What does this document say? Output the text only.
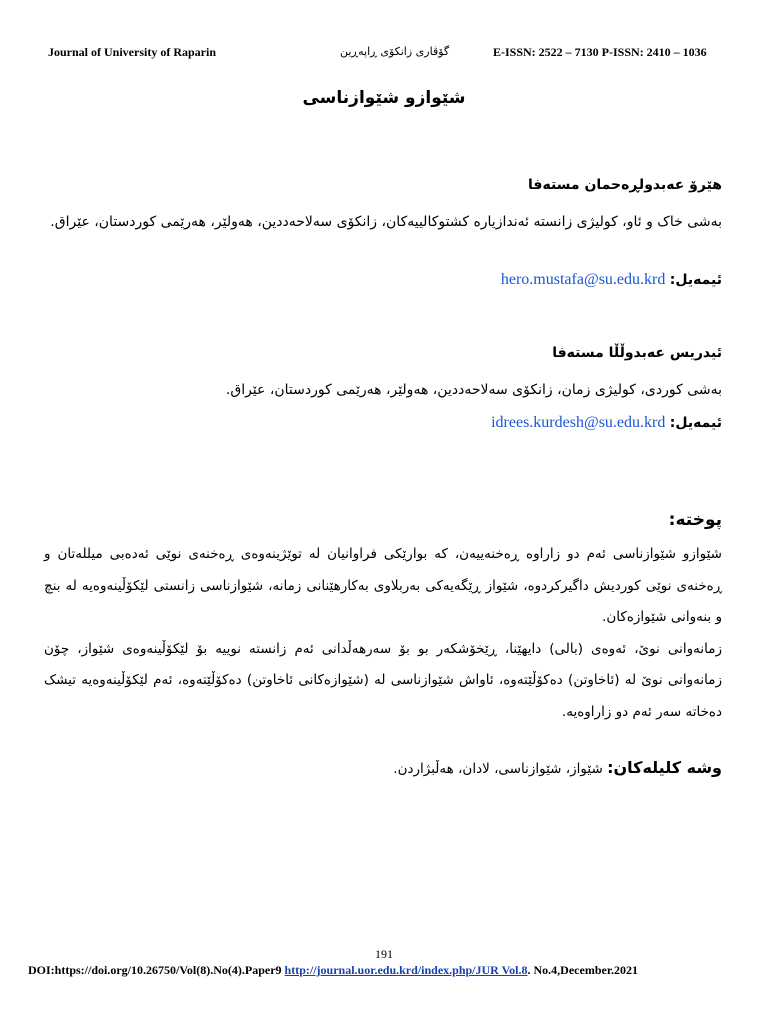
Journal of University of Raparin	گۆڤاری زانکۆی ڕاپەڕین	E-ISSN: 2522 – 7130 P-ISSN: 2410 – 1036
شێوازو شێوازناسی
هێرۆ عەبدولڕەحمان مستەفا
بەشی خاک و ئاو، کولیژی زانستە ئەندازیارە کشتوکالییەکان، زانکۆی سەلاحەددین، هەولێر، هەرێمی کوردستان، عێراق.
ئیمەیل: hero.mustafa@su.edu.krd
ئیدریس عەبدوڵڵا مستەفا
بەشی کوردی، کولیژی زمان، زانکۆی سەلاحەددین، هەولێر، هەرێمی کوردستان، عێراق.
ئیمەیل: idrees.kurdesh@su.edu.krd
پوختە:

شێوازو شێوازناسی ئەم دو زاراوە ڕەخنەییەن، کە بوارێکی فراوانیان لە توێژینەوەی ڕەخنەی نوێی ئەدەبی میللەتان و ڕەخنەی نوێی کوردیش داگیرکردوە، شێواز ڕێگەیەکی بەربلاوی بەکارهێنانی زمانە، شێوازناسی زانستی لێکۆڵینەوەیە لە بنچ و بنەوانی شێوازەکان.

زمانەوانی نوێ، ئەوەی (بالی) دایهێنا، ڕێخۆشکەر بو بۆ سەرهەڵدانی ئەم زانستە نوییە بۆ لێکۆڵینەوەی شێواز، چۆن زمانەوانی نوێ لە (ئاخاوتن) دەکۆڵێتەوە، ئاواش شێوازناسی لە (شێوازەکانی ئاخاوتن) دەکۆڵێتەوە، ئەم لێکۆڵینەوەیە تیشک دەخاتە سەر ئەم دو زاراوەیە.

وشە کلیلەکان: شێواز، شێوازناسی، لادان، هەڵبژاردن.
191
DOI:https://doi.org/10.26750/Vol(8).No(4).Paper9 http://journal.uor.edu.krd/index.php/JUR Vol.8. No.4,December.2021
